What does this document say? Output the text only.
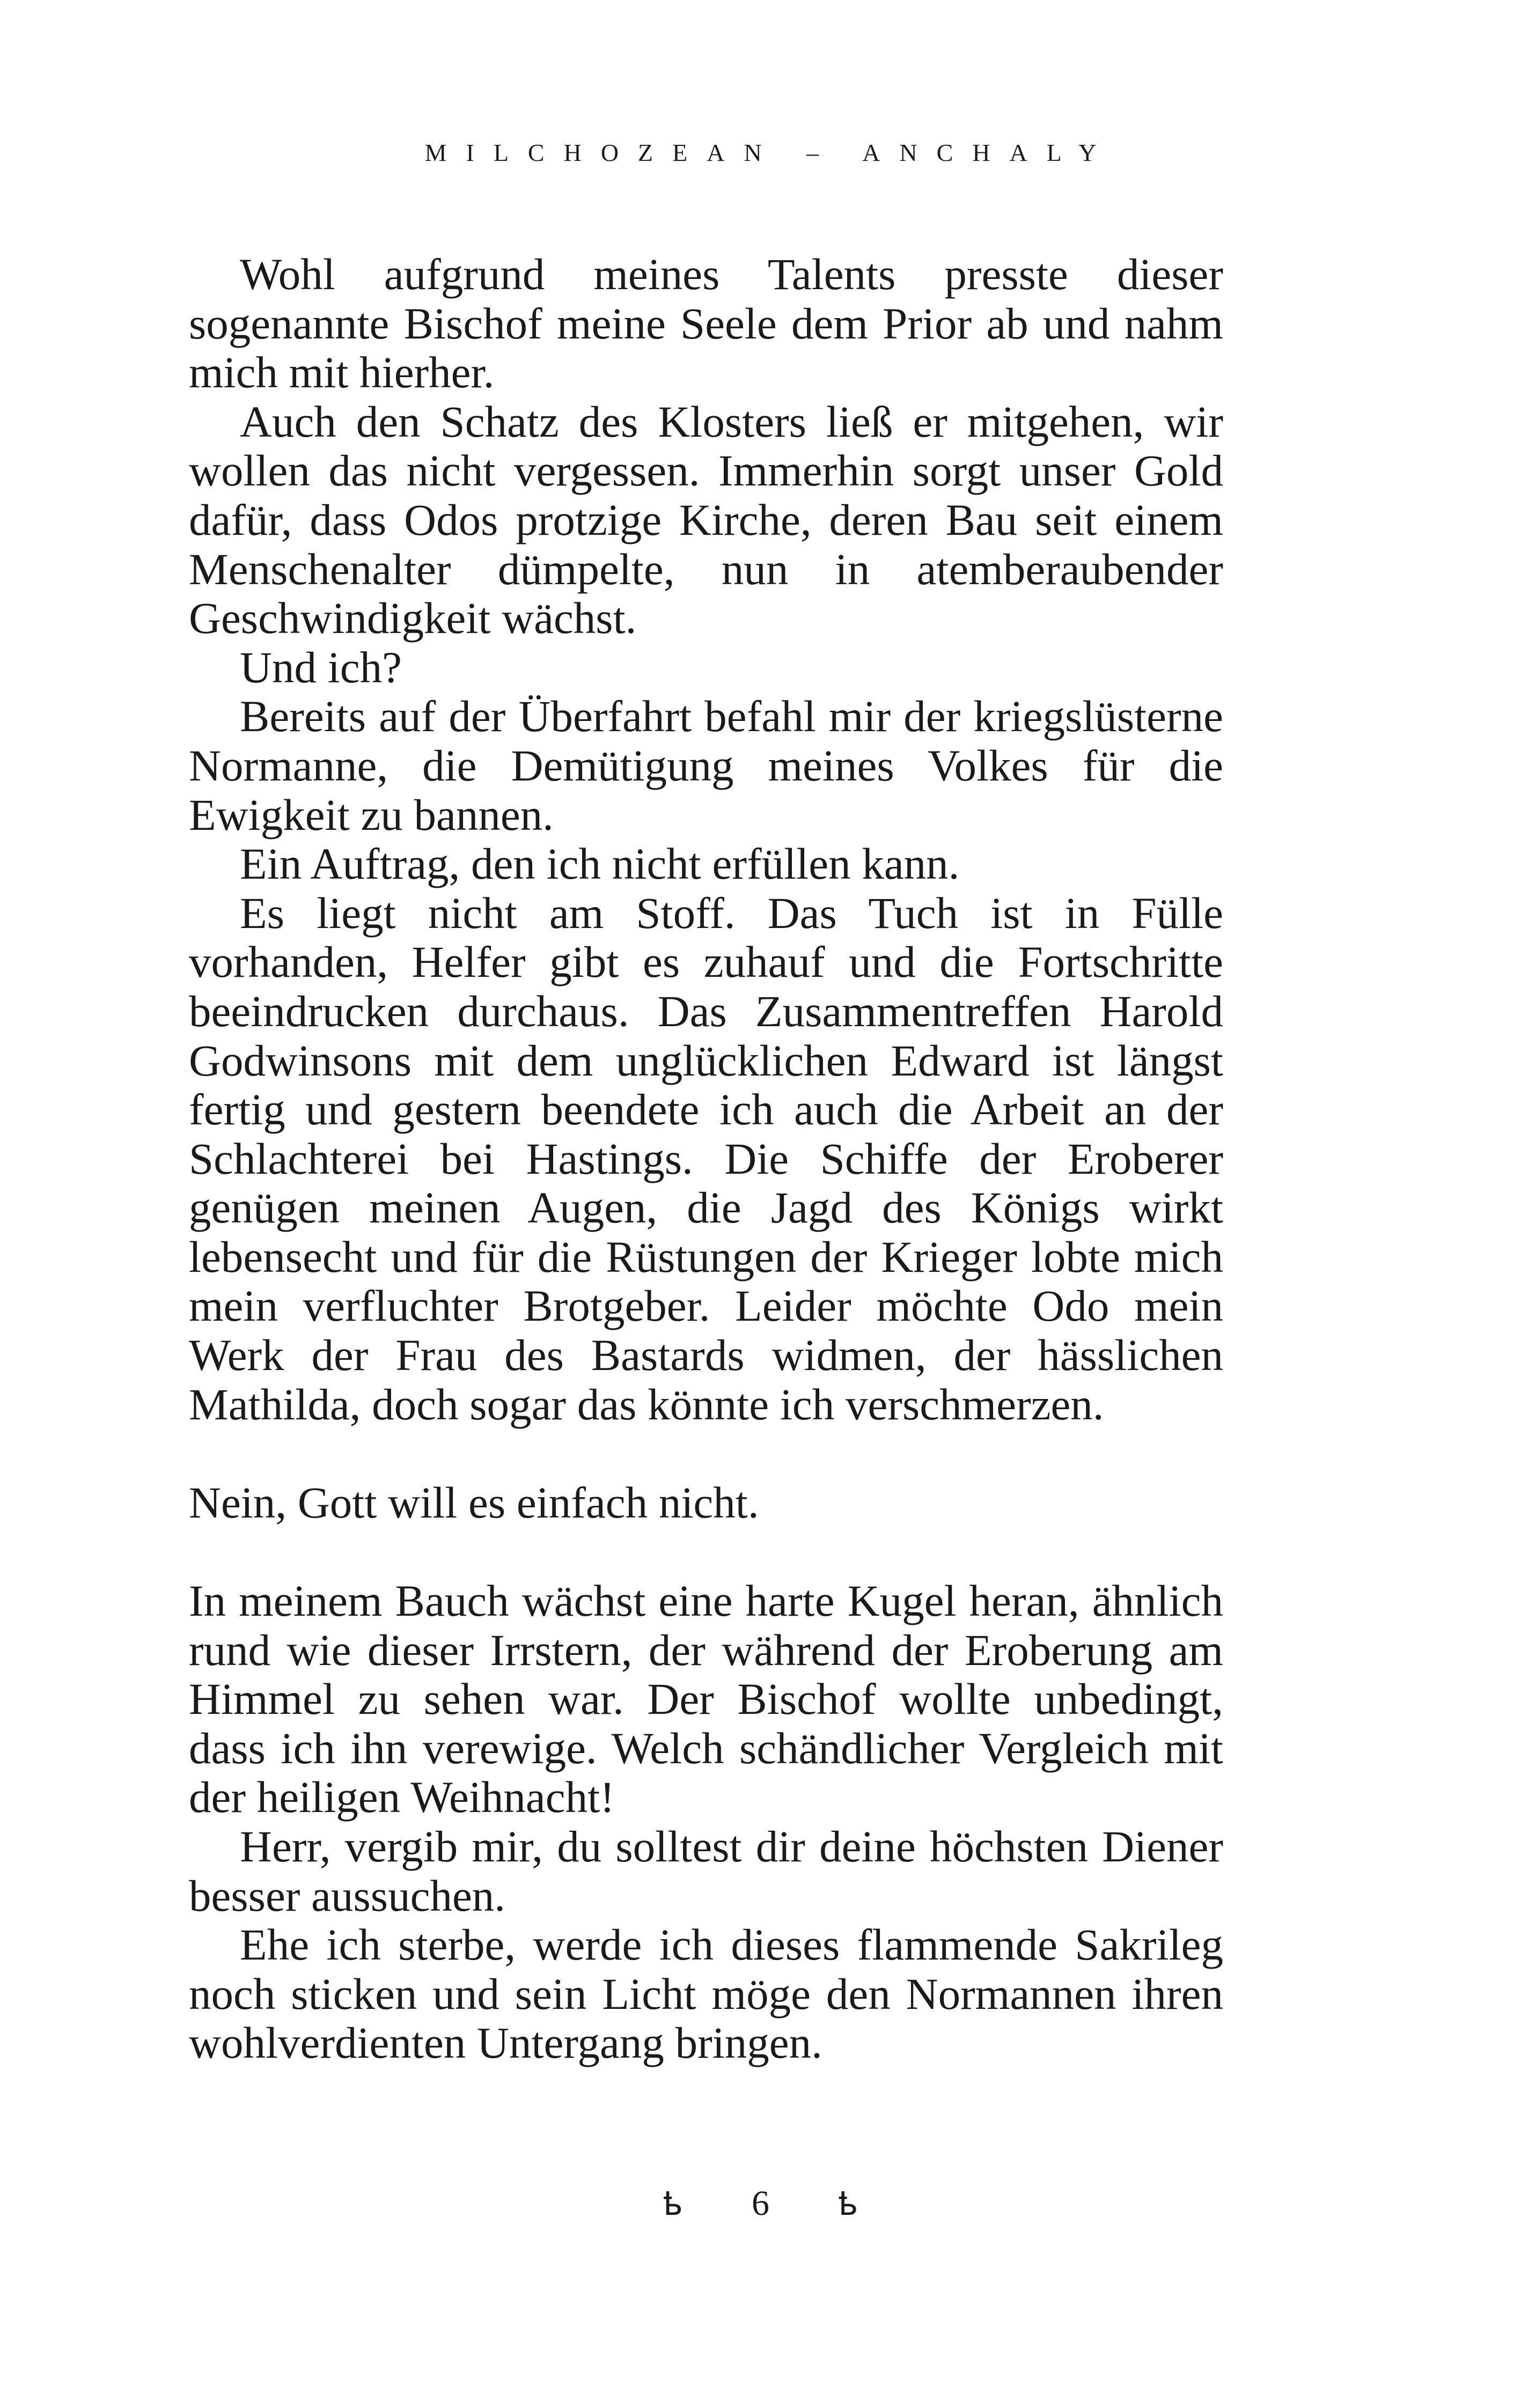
MILCHOZEAN – ANCHALY

Wohl aufgrund meines Talents presste dieser sogenannte Bischof meine Seele dem Prior ab und nahm mich mit hierher.

Auch den Schatz des Klosters ließ er mitgehen, wir wollen das nicht vergessen. Immerhin sorgt unser Gold dafür, dass Odos protzige Kirche, deren Bau seit einem Menschenalter dümpelte, nun in atemberaubender Geschwindigkeit wächst.

Und ich?

Bereits auf der Überfahrt befahl mir der kriegslüsterne Normanne, die Demütigung meines Volkes für die Ewigkeit zu bannen.

Ein Auftrag, den ich nicht erfüllen kann.

Es liegt nicht am Stoff. Das Tuch ist in Fülle vorhanden, Helfer gibt es zuhauf und die Fortschritte beeindrucken durchaus. Das Zusammentreffen Harold Godwinsons mit dem unglücklichen Edward ist längst fertig und gestern beendete ich auch die Arbeit an der Schlachterei bei Hastings. Die Schiffe der Eroberer genügen meinen Augen, die Jagd des Königs wirkt lebensecht und für die Rüstungen der Krieger lobte mich mein verfluchter Brotgeber. Leider möchte Odo mein Werk der Frau des Bastards widmen, der hässlichen Mathilda, doch sogar das könnte ich verschmerzen.

Nein, Gott will es einfach nicht.

In meinem Bauch wächst eine harte Kugel heran, ähnlich rund wie dieser Irrstern, der während der Eroberung am Himmel zu sehen war. Der Bischof wollte unbedingt, dass ich ihn verewige. Welch schändlicher Vergleich mit der heiligen Weihnacht!

Herr, vergib mir, du solltest dir deine höchsten Diener besser aussuchen.

Ehe ich sterbe, werde ich dieses flammende Sakrileg noch sticken und sein Licht möge den Normannen ihren wohlverdienten Untergang bringen.

ҍ 6 ҍ
